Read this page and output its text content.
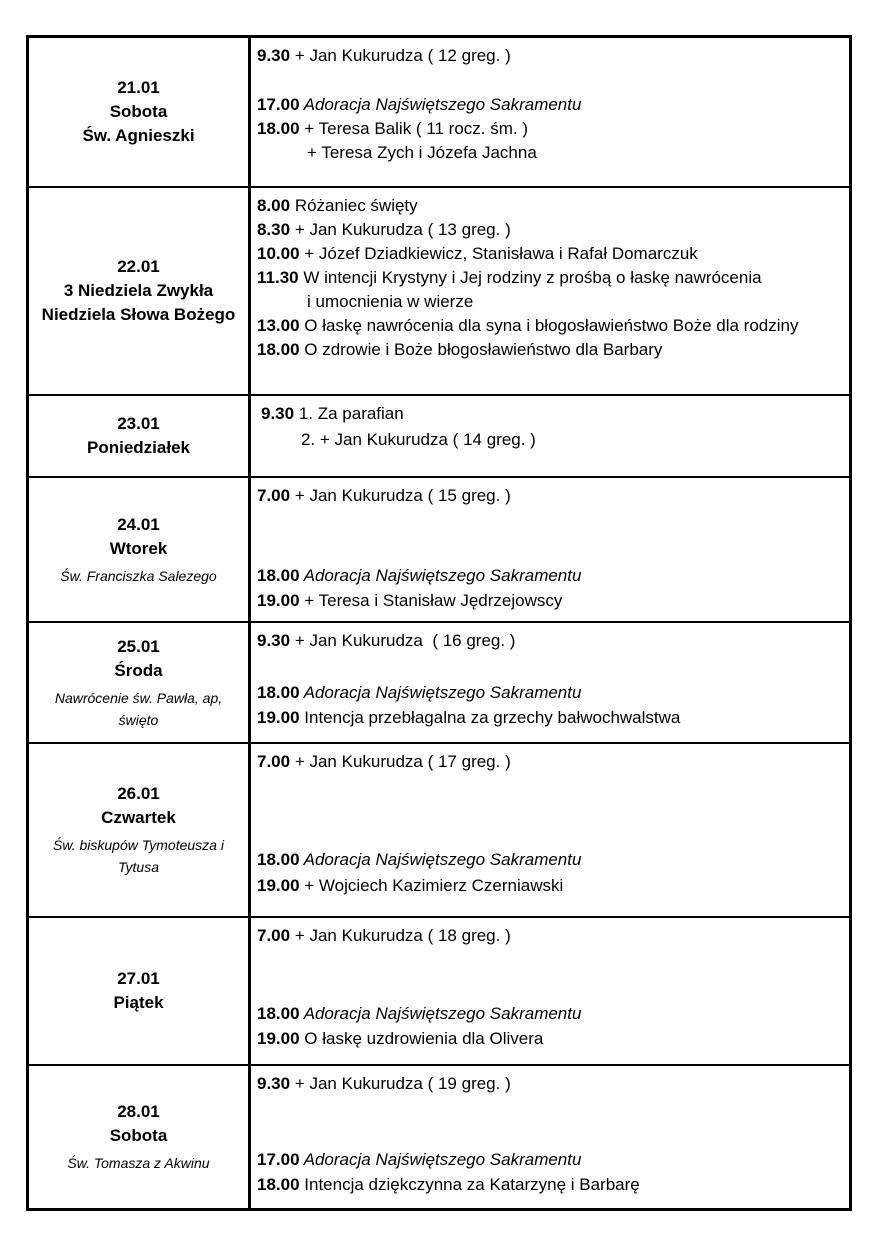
21.01
Sobota
Św. Agnieszki
9.30 + Jan Kukurudza ( 12 greg. )
17.00 Adoracja Najświętszego Sakramentu
18.00 + Teresa Balik ( 11 rocz. śm. )
+ Teresa Zych i Józefa Jachna
22.01
3 Niedziela Zwykła
Niedziela Słowa Bożego
8.00 Różaniec święty
8.30 + Jan Kukurudza ( 13 greg. )
10.00 + Józef Dziadkiewicz, Stanisława i Rafał Domarczuk
11.30 W intencji Krystyny i Jej rodziny z prośbą o łaskę nawrócenia
i umocnienia w wierze
13.00 O łaskę nawrócenia dla syna i błogosławieństwo Boże dla rodziny
18.00 O zdrowie i Boże błogosławieństwo dla Barbary
23.01
Poniedziałek
9.30 1. Za parafian
2. + Jan Kukurudza ( 14 greg. )
24.01
Wtorek
Św. Franciszka Salezego
7.00 + Jan Kukurudza ( 15 greg. )
18.00 Adoracja Najświętszego Sakramentu
19.00 + Teresa i Stanisław Jędrzejowscy
25.01
Środa
Nawrócenie św. Pawła, ap, święto
9.30 + Jan Kukurudza  ( 16 greg. )
18.00 Adoracja Najświętszego Sakramentu
19.00 Intencja przebłagalna za grzechy bałwochwalstwa
26.01
Czwartek
Św. biskupów Tymoteusza i Tytusa
7.00 + Jan Kukurudza ( 17 greg. )
18.00 Adoracja Najświętszego Sakramentu
19.00 + Wojciech Kazimierz Czerniawski
27.01
Piątek
7.00 + Jan Kukurudza ( 18 greg. )
18.00 Adoracja Najświętszego Sakramentu
19.00 O łaskę uzdrowienia dla Olivera
28.01
Sobota
Św. Tomasza z Akwinu
9.30 + Jan Kukurudza ( 19 greg. )
17.00 Adoracja Najświętszego Sakramentu
18.00 Intencja dziękczynna za Katarzynę i Barbarę
